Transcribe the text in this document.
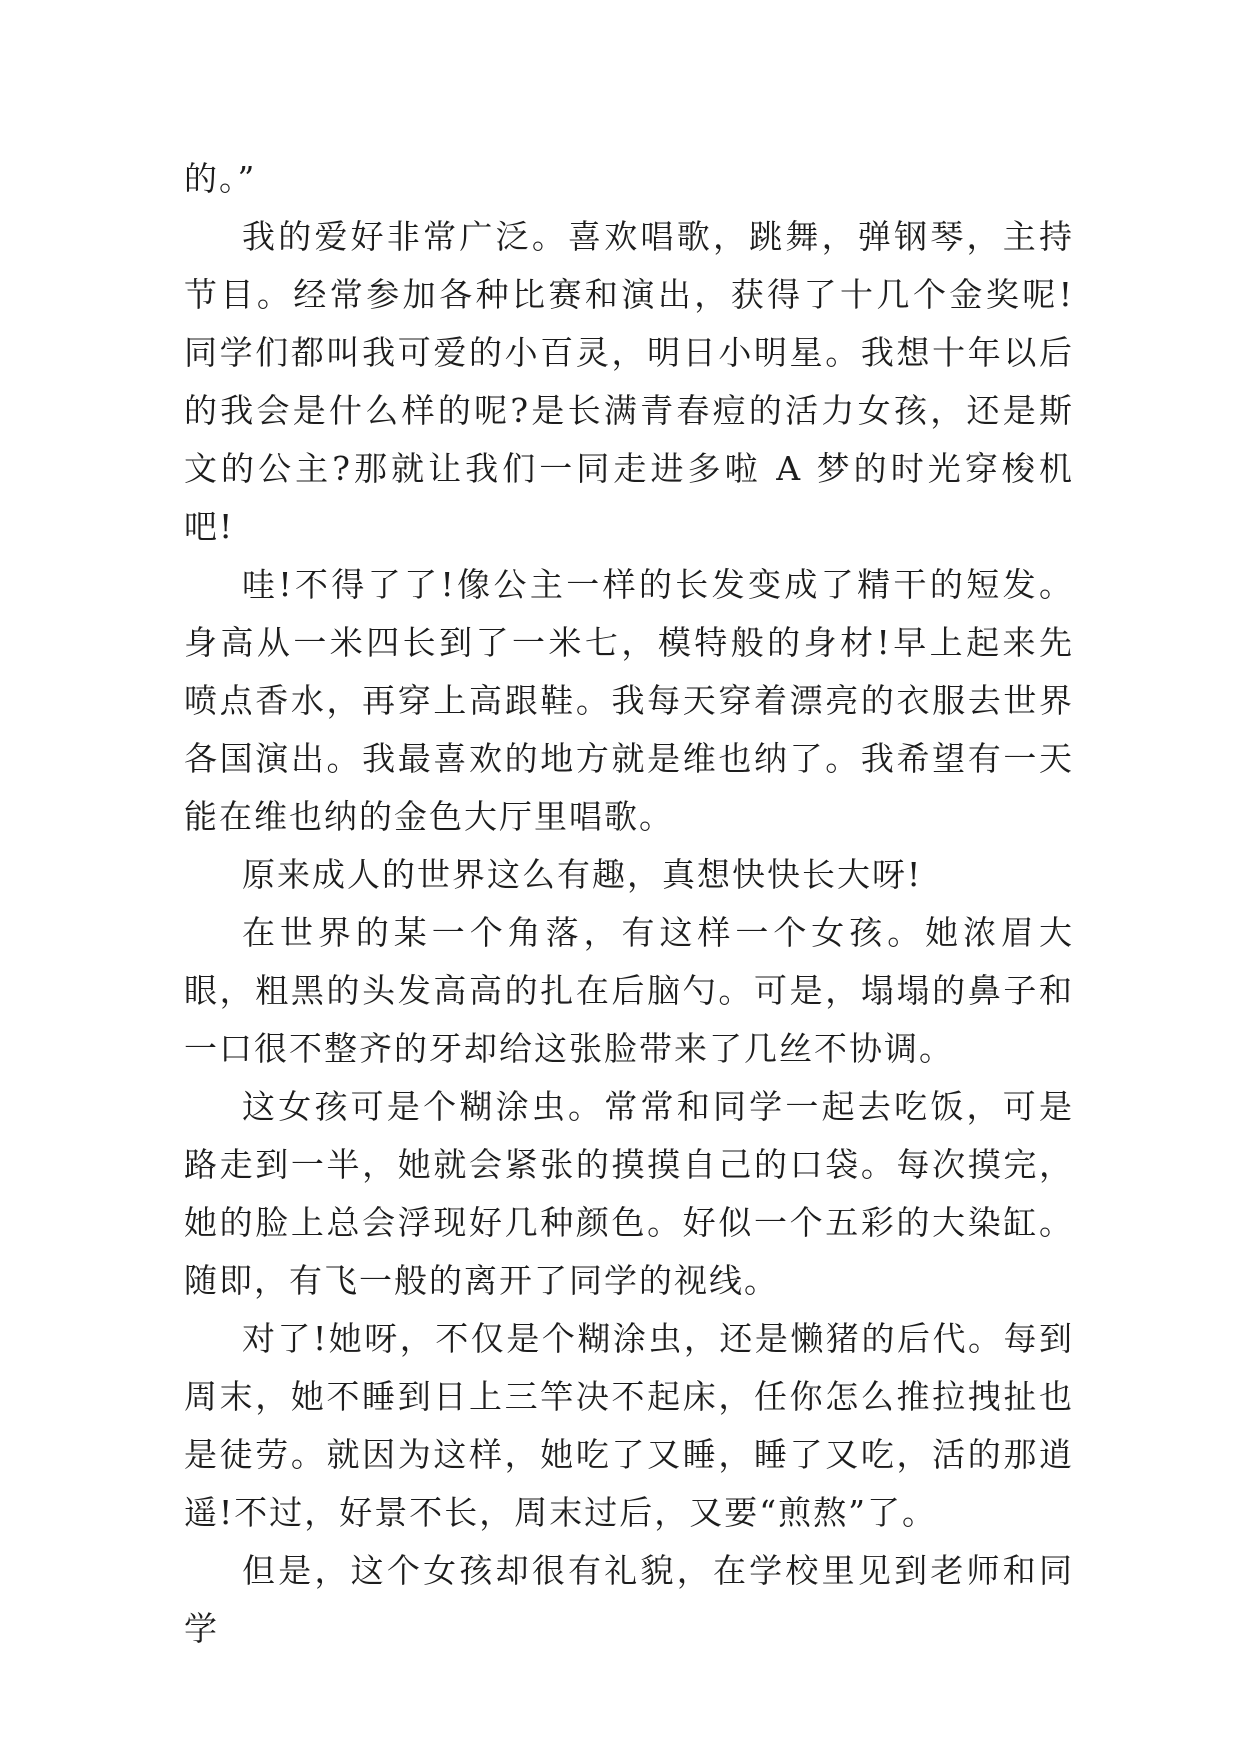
的。”

我的爱好非常广泛。喜欢唱歌，跳舞，弹钢琴，主持节目。经常参加各种比赛和演出，获得了十几个金奖呢!同学们都叫我可爱的小百灵，明日小明星。我想十年以后的我会是什么样的呢?是长满青春痘的活力女孩，还是斯文的公主?那就让我们一同走进多啦 A 梦的时光穿梭机吧!

哇!不得了了!像公主一样的长发变成了精干的短发。身高从一米四长到了一米七，模特般的身材!早上起来先喷点香水，再穿上高跟鞋。我每天穿着漂亮的衣服去世界各国演出。我最喜欢的地方就是维也纳了。我希望有一天能在维也纳的金色大厅里唱歌。

原来成人的世界这么有趣，真想快快长大呀!

在世界的某一个角落，有这样一个女孩。她浓眉大眼，粗黑的头发高高的扎在后脑勺。可是，塌塌的鼻子和一口很不整齐的牙却给这张脸带来了几丝不协调。

这女孩可是个糊涂虫。常常和同学一起去吃饭，可是路走到一半，她就会紧张的摸摸自己的口袋。每次摸完，她的脸上总会浮现好几种颜色。好似一个五彩的大染缸。随即，有飞一般的离开了同学的视线。

对了!她呀，不仅是个糊涂虫，还是懒猪的后代。每到周末，她不睡到日上三竿决不起床，任你怎么推拉拽扯也是徒劳。就因为这样，她吃了又睡，睡了又吃，活的那逍遥!不过，好景不长，周末过后，又要“煎熬”了。

但是，这个女孩却很有礼貌，在学校里见到老师和同学
